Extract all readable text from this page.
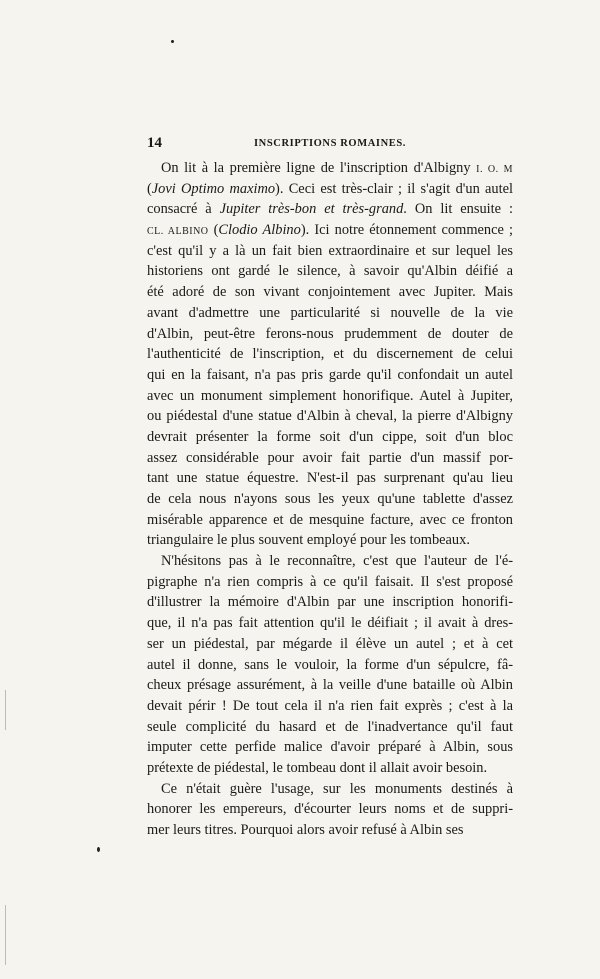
14	INSCRIPTIONS ROMAINES.
On lit à la première ligne de l'inscription d'Albigny I. O. M
(Jovi Optimo maximo). Ceci est très-clair ; il s'agit d'un autel
consacré à Jupiter très-bon et très-grand. On lit ensuite :
CL. ALBINO (Clodio Albino). Ici notre étonnement commence ;
c'est qu'il y a là un fait bien extraordinaire et sur lequel les
historiens ont gardé le silence, à savoir qu'Albin déifié a
été adoré de son vivant conjointement avec Jupiter. Mais
avant d'admettre une particularité si nouvelle de la vie
d'Albin, peut-être ferons-nous prudemment de douter de
l'authenticité de l'inscription, et du discernement de celui
qui en la faisant, n'a pas pris garde qu'il confondait un autel
avec un monument simplement honorifique. Autel à Jupiter,
ou piédestal d'une statue d'Albin à cheval, la pierre d'Albigny
devrait présenter la forme soit d'un cippe, soit d'un bloc
assez considérable pour avoir fait partie d'un massif por-
tant une statue équestre. N'est-il pas surprenant qu'au lieu
de cela nous n'ayons sous les yeux qu'une tablette d'assez
misérable apparence et de mesquine facture, avec ce fronton
triangulaire le plus souvent employé pour les tombeaux.
N'hésitons pas à le reconnaître, c'est que l'auteur de l'é-
pigraphe n'a rien compris à ce qu'il faisait. Il s'est proposé
d'illustrer la mémoire d'Albin par une inscription honorifi-
que, il n'a pas fait attention qu'il le déifiait ; il avait à dres-
ser un piédestal, par mégarde il élève un autel ; et à cet
autel il donne, sans le vouloir, la forme d'un sépulcre, fâ-
cheux présage assurément, à la veille d'une bataille où Albin
devait périr ! De tout cela il n'a rien fait exprès ; c'est à la
seule complicité du hasard et de l'inadvertance qu'il faut
imputer cette perfide malice d'avoir préparé à Albin, sous
prétexte de piédestal, le tombeau dont il allait avoir besoin.
Ce n'était guère l'usage, sur les monuments destinés à
honorer les empereurs, d'écourter leurs noms et de suppri-
mer leurs titres. Pourquoi alors avoir refusé à Albin ses
